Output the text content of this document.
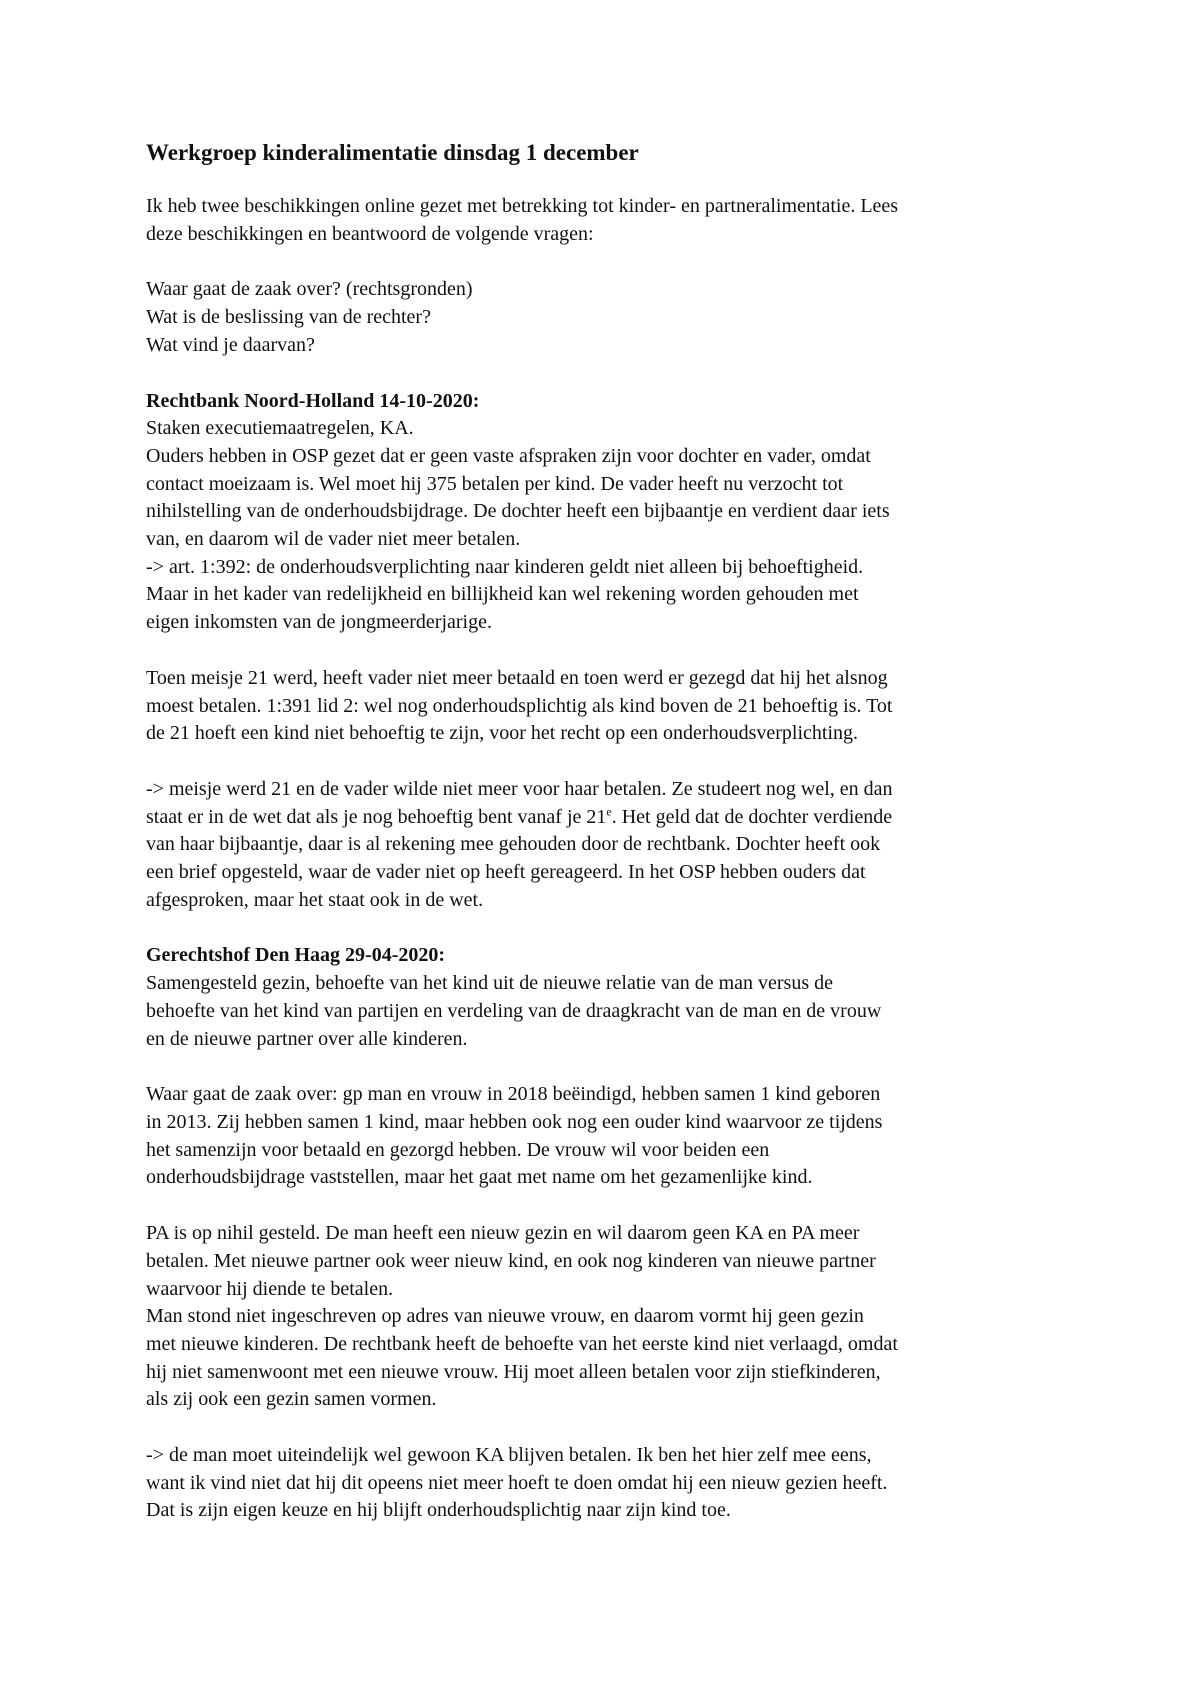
Werkgroep kinderalimentatie dinsdag 1 december
Ik heb twee beschikkingen online gezet met betrekking tot kinder- en partneralimentatie. Lees
deze beschikkingen en beantwoord de volgende vragen:
Waar gaat de zaak over? (rechtsgronden)
Wat is de beslissing van de rechter?
Wat vind je daarvan?
Rechtbank Noord-Holland 14-10-2020:
Staken executiemaatregelen, KA.
Ouders hebben in OSP gezet dat er geen vaste afspraken zijn voor dochter en vader, omdat
contact moeizaam is. Wel moet hij 375 betalen per kind. De vader heeft nu verzocht tot
nihilstelling van de onderhoudsbijdrage. De dochter heeft een bijbaantje en verdient daar iets
van, en daarom wil de vader niet meer betalen.
-> art. 1:392: de onderhoudsverplichting naar kinderen geldt niet alleen bij behoeftigheid.
Maar in het kader van redelijkheid en billijkheid kan wel rekening worden gehouden met
eigen inkomsten van de jongmeerderjarige.
Toen meisje 21 werd, heeft vader niet meer betaald en toen werd er gezegd dat hij het alsnog
moest betalen. 1:391 lid 2: wel nog onderhoudsplichtig als kind boven de 21 behoeftig is. Tot
de 21 hoeft een kind niet behoeftig te zijn, voor het recht op een onderhoudsverplichting.
-> meisje werd 21 en de vader wilde niet meer voor haar betalen. Ze studeert nog wel, en dan
staat er in de wet dat als je nog behoeftig bent vanaf je 21e. Het geld dat de dochter verdiende
van haar bijbaantje, daar is al rekening mee gehouden door de rechtbank. Dochter heeft ook
een brief opgesteld, waar de vader niet op heeft gereageerd. In het OSP hebben ouders dat
afgesproken, maar het staat ook in de wet.
Gerechtshof Den Haag 29-04-2020:
Samengesteld gezin, behoefte van het kind uit de nieuwe relatie van de man versus de
behoefte van het kind van partijen en verdeling van de draagkracht van de man en de vrouw
en de nieuwe partner over alle kinderen.
Waar gaat de zaak over: gp man en vrouw in 2018 beëindigd, hebben samen 1 kind geboren
in 2013. Zij hebben samen 1 kind, maar hebben ook nog een ouder kind waarvoor ze tijdens
het samenzijn voor betaald en gezorgd hebben. De vrouw wil voor beiden een
onderhoudsbijdrage vaststellen, maar het gaat met name om het gezamenlijke kind.
PA is op nihil gesteld. De man heeft een nieuw gezin en wil daarom geen KA en PA meer
betalen. Met nieuwe partner ook weer nieuw kind, en ook nog kinderen van nieuwe partner
waarvoor hij diende te betalen.
Man stond niet ingeschreven op adres van nieuwe vrouw, en daarom vormt hij geen gezin
met nieuwe kinderen. De rechtbank heeft de behoefte van het eerste kind niet verlaagd, omdat
hij niet samenwoont met een nieuwe vrouw. Hij moet alleen betalen voor zijn stiefkinderen,
als zij ook een gezin samen vormen.
-> de man moet uiteindelijk wel gewoon KA blijven betalen. Ik ben het hier zelf mee eens,
want ik vind niet dat hij dit opeens niet meer hoeft te doen omdat hij een nieuw gezien heeft.
Dat is zijn eigen keuze en hij blijft onderhoudsplichtig naar zijn kind toe.
